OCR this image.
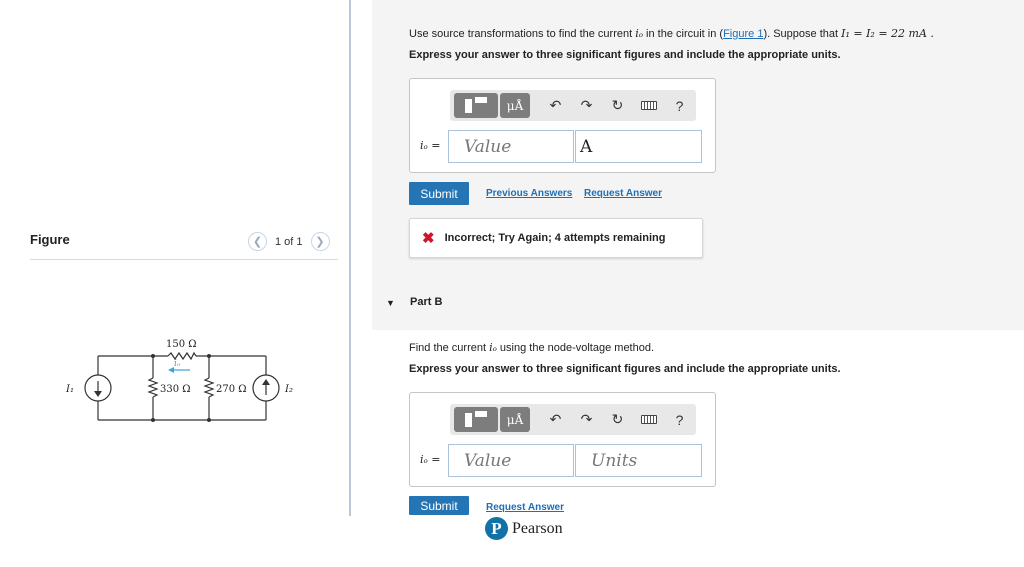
Figure	❮ 1 of 1 ❯
iₒ
150 Ω
330 Ω	270 Ω
I₁	I₂
Use source transformations to find the current iₒ in the circuit in (Figure 1). Suppose that I₁ = I₂ = 22 mA .
Express your answer to three significant figures and include the appropriate units.
μÅ	↶	↷	↻	?
iₒ =	Value	A
Submit	Previous Answers Request Answer
✖ Incorrect; Try Again; 4 attempts remaining
▼ Part B
Find the current iₒ using the node-voltage method.
Express your answer to three significant figures and include the appropriate units.
μÅ	↶	↷	↻	?
iₒ =	Value	Units
Submit	Request Answer
P Pearson
